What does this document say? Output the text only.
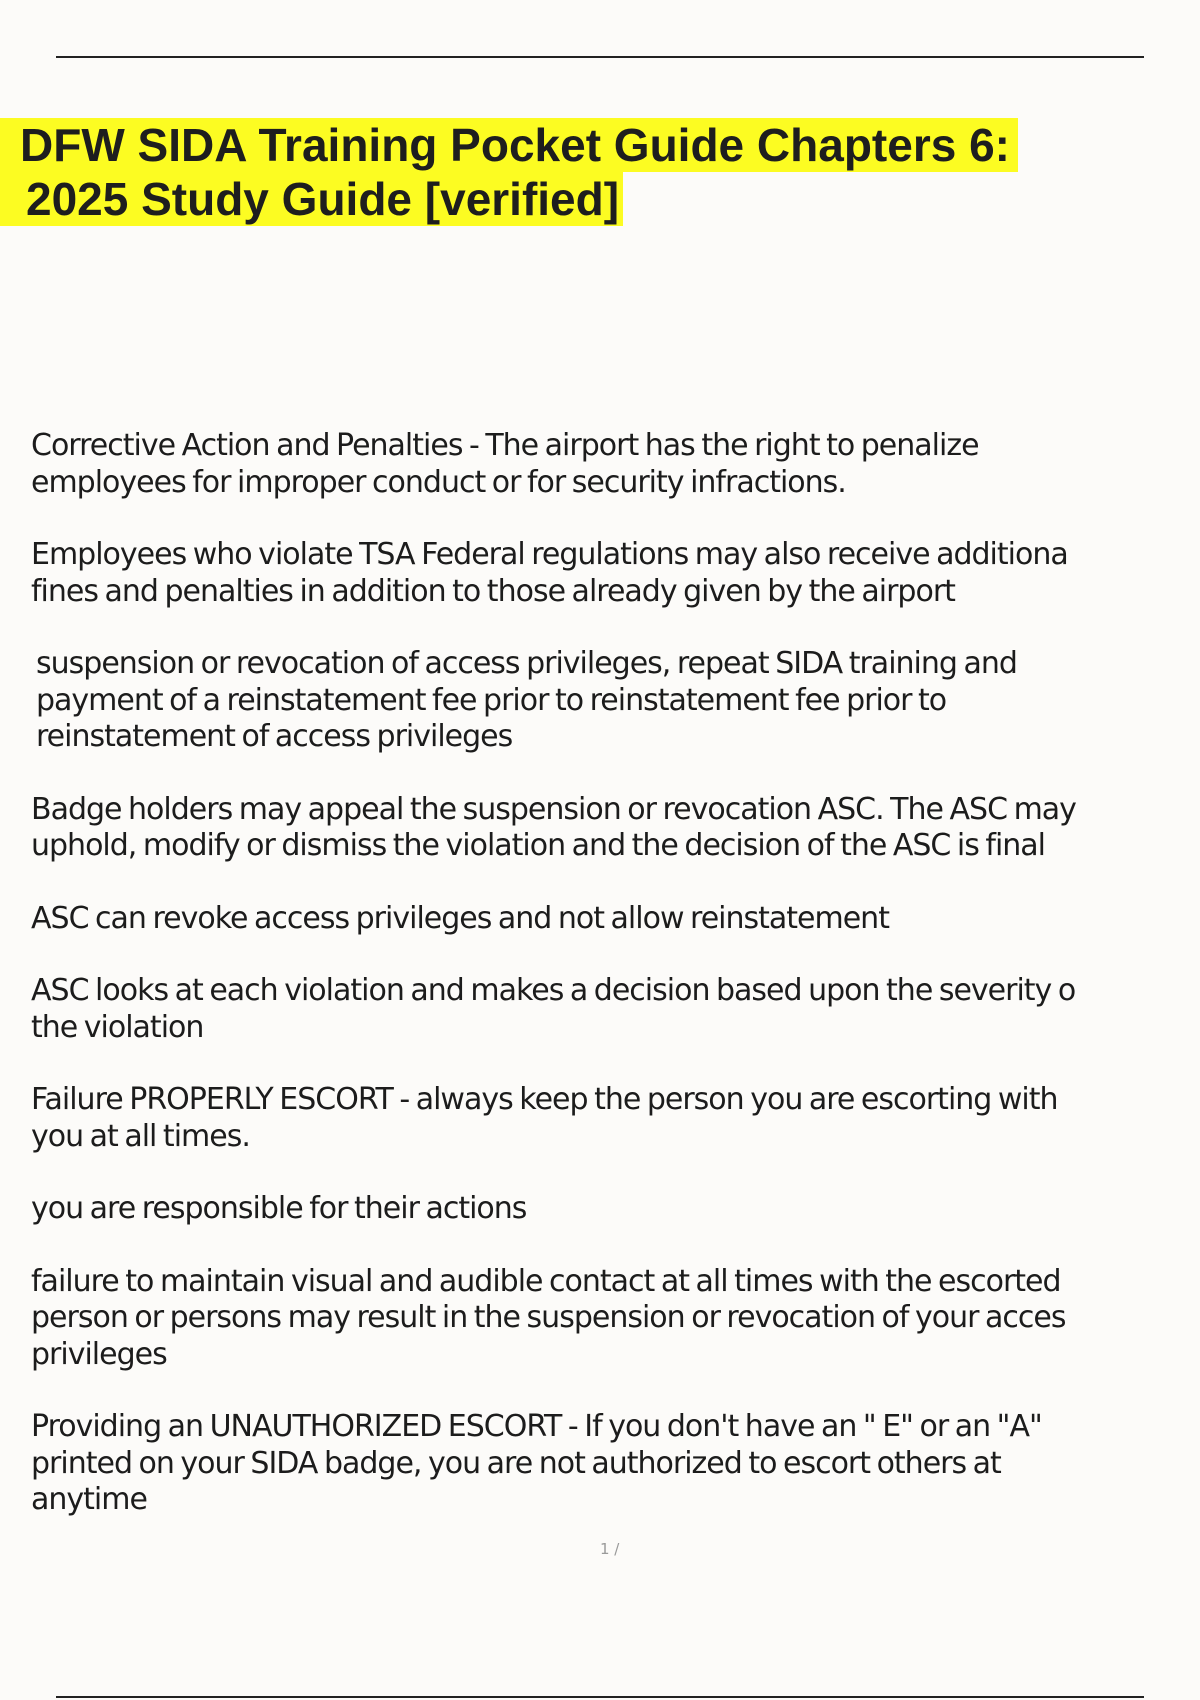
DFW SIDA Training Pocket Guide Chapters 6:
2025 Study Guide [verified]

Corrective Action and Penalties - The airport has the right to penalize
employees for improper conduct or for security infractions.

Employees who violate TSA Federal regulations may also receive additiona
fines and penalties in addition to those already given by the airport

suspension or revocation of access privileges, repeat SIDA training and
payment of a reinstatement fee prior to reinstatement fee prior to
reinstatement of access privileges

Badge holders may appeal the suspension or revocation ASC. The ASC may
uphold, modify or dismiss the violation and the decision of the ASC is final

ASC can revoke access privileges and not allow reinstatement

ASC looks at each violation and makes a decision based upon the severity o
the violation

Failure PROPERLY ESCORT - always keep the person you are escorting with
you at all times.

you are responsible for their actions

failure to maintain visual and audible contact at all times with the escorted
person or persons may result in the suspension or revocation of your acces
privileges

Providing an UNAUTHORIZED ESCORT - If you don't have an " E" or an "A"
printed on your SIDA badge, you are not authorized to escort others at
anytime

1 /
